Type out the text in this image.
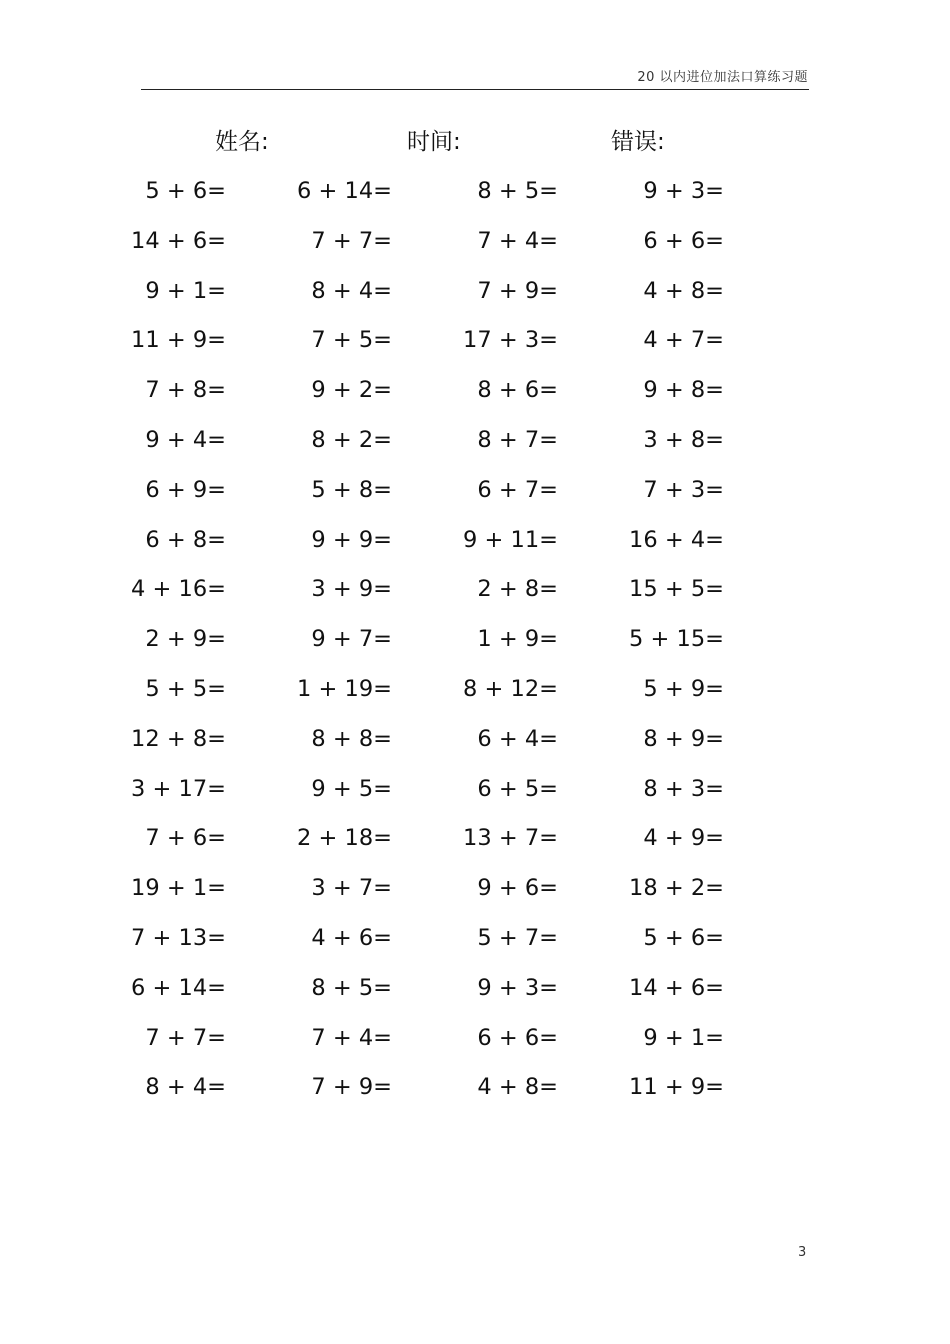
20 以内进位加法口算练习题
姓名:	时间:	错误:
5 + 6=	6 + 14=	8 + 5=	9 + 3=
14 + 6=	7 + 7=	7 + 4=	6 + 6=
9 + 1=	8 + 4=	7 + 9=	4 + 8=
11 + 9=	7 + 5=	17 + 3=	4 + 7=
7 + 8=	9 + 2=	8 + 6=	9 + 8=
9 + 4=	8 + 2=	8 + 7=	3 + 8=
6 + 9=	5 + 8=	6 + 7=	7 + 3=
6 + 8=	9 + 9=	9 + 11=	16 + 4=
4 + 16=	3 + 9=	2 + 8=	15 + 5=
2 + 9=	9 + 7=	1 + 9=	5 + 15=
5 + 5=	1 + 19=	8 + 12=	5 + 9=
12 + 8=	8 + 8=	6 + 4=	8 + 9=
3 + 17=	9 + 5=	6 + 5=	8 + 3=
7 + 6=	2 + 18=	13 + 7=	4 + 9=
19 + 1=	3 + 7=	9 + 6=	18 + 2=
7 + 13=	4 + 6=	5 + 7=	5 + 6=
6 + 14=	8 + 5=	9 + 3=	14 + 6=
7 + 7=	7 + 4=	6 + 6=	9 + 1=
8 + 4=	7 + 9=	4 + 8=	11 + 9=
3
